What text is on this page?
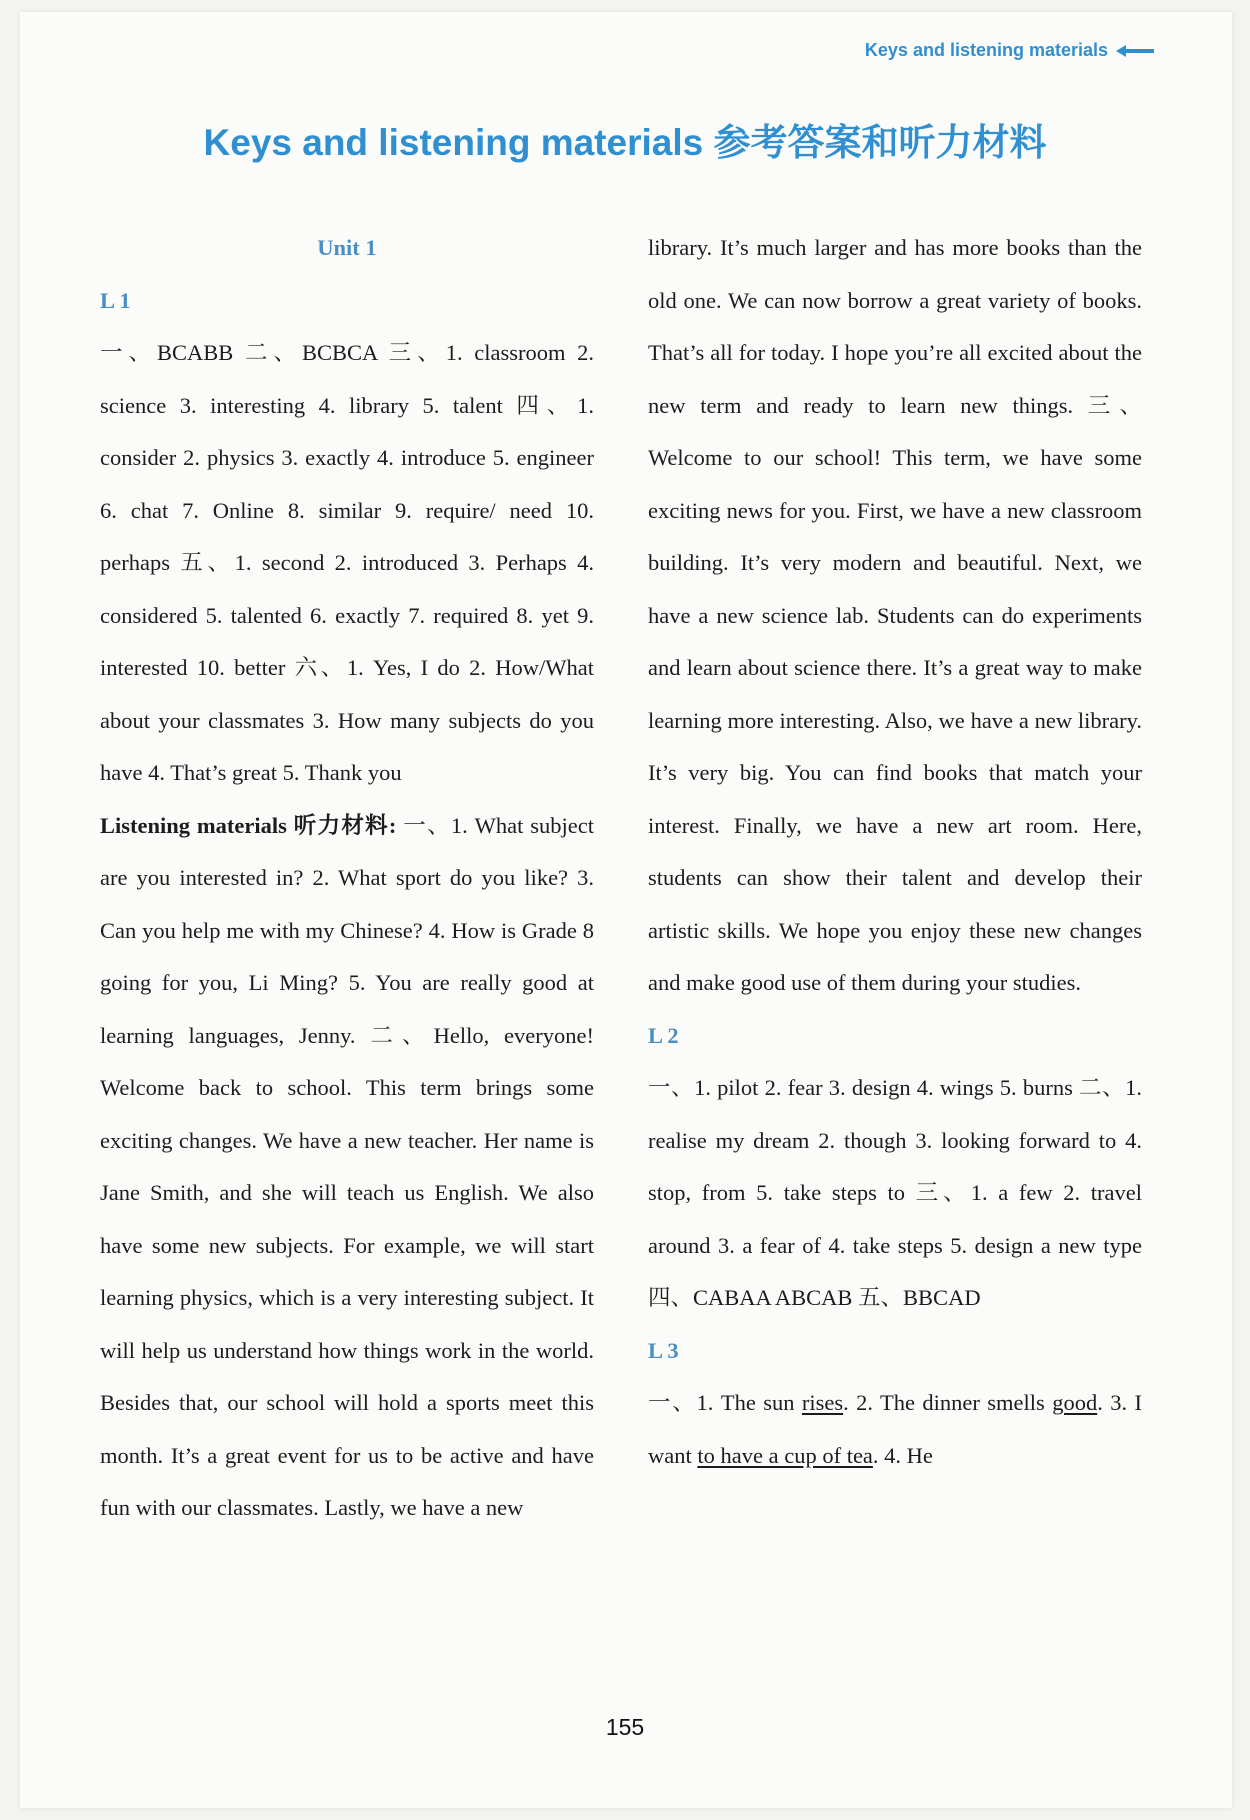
Keys and listening materials
Keys and listening materials 参考答案和听力材料

Unit 1

L 1

一、BCABB 二、BCBCA 三、1. classroom 2. science 3. interesting 4. library 5. talent 四、1. consider 2. physics 3. exactly 4. introduce 5. engineer 6. chat 7. Online 8. similar 9. require/ need 10. perhaps 五、1. second 2. introduced 3. Perhaps 4. considered 5. talented 6. exactly 7. required 8. yet 9. interested 10. better 六、1. Yes, I do 2. How/What about your classmates 3. How many subjects do you have 4. That’s great 5. Thank you

Listening materials 听力材料: 一、1. What subject are you interested in? 2. What sport do you like? 3. Can you help me with my Chinese? 4. How is Grade 8 going for you, Li Ming? 5. You are really good at learning languages, Jenny. 二、Hello, everyone! Welcome back to school. This term brings some exciting changes. We have a new teacher. Her name is Jane Smith, and she will teach us English. We also have some new subjects. For example, we will start learning physics, which is a very interesting subject. It will help us understand how things work in the world. Besides that, our school will hold a sports meet this month. It’s a great event for us to be active and have fun with our classmates. Lastly, we have a new

library. It’s much larger and has more books than the old one. We can now borrow a great variety of books. That’s all for today. I hope you’re all excited about the new term and ready to learn new things. 三、Welcome to our school! This term, we have some exciting news for you. First, we have a new classroom building. It’s very modern and beautiful. Next, we have a new science lab. Students can do experiments and learn about science there. It’s a great way to make learning more interesting. Also, we have a new library. It’s very big. You can find books that match your interest. Finally, we have a new art room. Here, students can show their talent and develop their artistic skills. We hope you enjoy these new changes and make good use of them during your studies.

L 2

一、1. pilot 2. fear 3. design 4. wings 5. burns 二、1. realise my dream 2. though 3. looking forward to 4. stop, from 5. take steps to 三、1. a few 2. travel around 3. a fear of 4. take steps 5. design a new type 四、CABAA ABCAB 五、BBCAD

L 3

一、1. The sun rises. 2. The dinner smells good. 3. I want to have a cup of tea. 4. He

155
